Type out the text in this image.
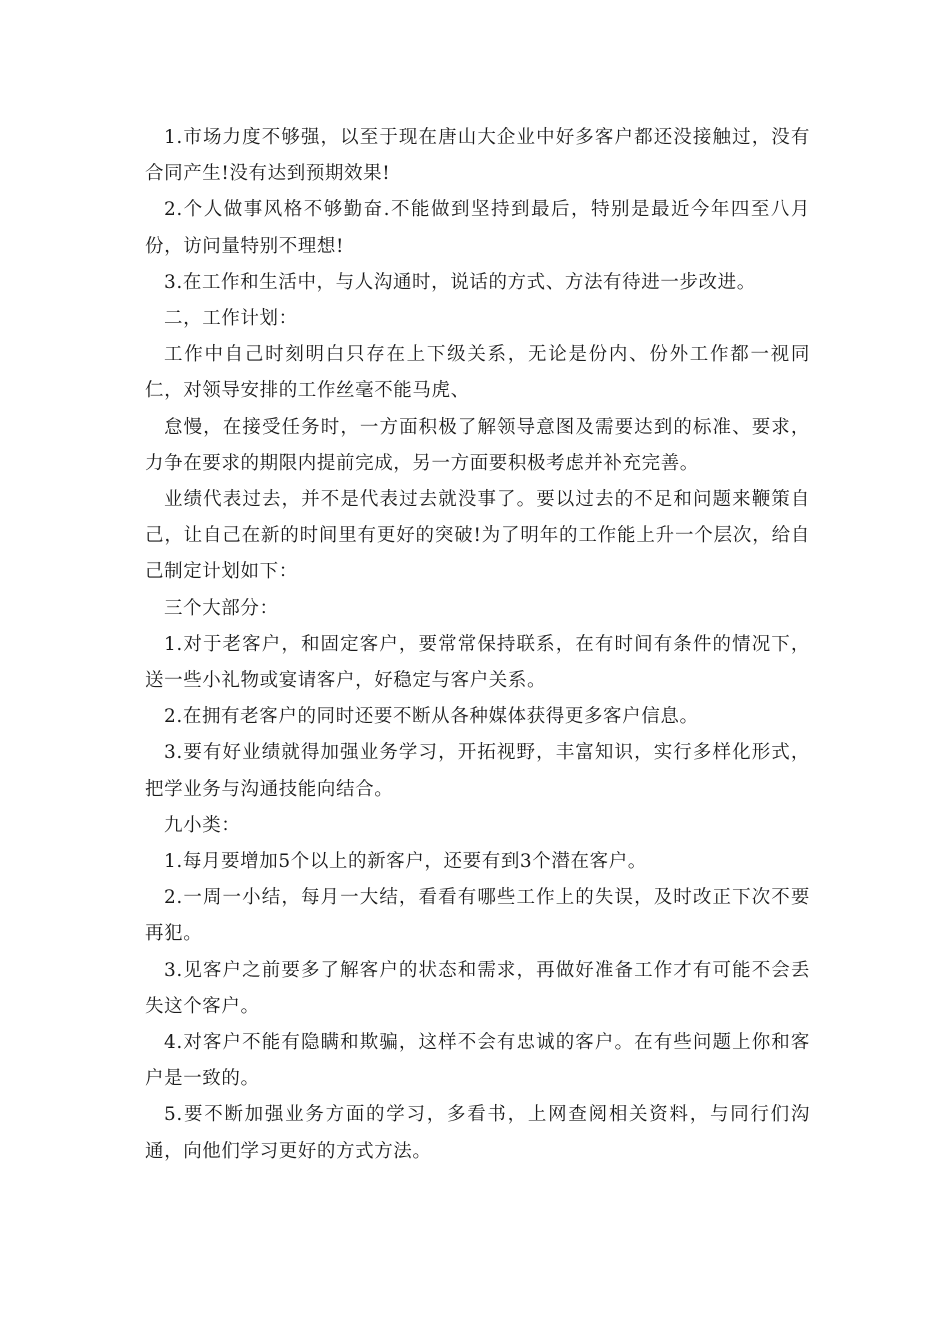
1.市场力度不够强，以至于现在唐山大企业中好多客户都还没接触过，没有合同产生!没有达到预期效果!

2.个人做事风格不够勤奋.不能做到坚持到最后，特别是最近今年四至八月份，访问量特别不理想!

3.在工作和生活中，与人沟通时，说话的方式、方法有待进一步改进。

二，工作计划：

工作中自己时刻明白只存在上下级关系，无论是份内、份外工作都一视同仁，对领导安排的工作丝毫不能马虎、

怠慢，在接受任务时，一方面积极了解领导意图及需要达到的标准、要求，力争在要求的期限内提前完成，另一方面要积极考虑并补充完善。

业绩代表过去，并不是代表过去就没事了。要以过去的不足和问题来鞭策自己，让自己在新的时间里有更好的突破!为了明年的工作能上升一个层次，给自己制定计划如下：

三个大部分：

1.对于老客户，和固定客户，要常常保持联系，在有时间有条件的情况下，送一些小礼物或宴请客户，好稳定与客户关系。

2.在拥有老客户的同时还要不断从各种媒体获得更多客户信息。

3.要有好业绩就得加强业务学习，开拓视野，丰富知识，实行多样化形式，把学业务与沟通技能向结合。

九小类：

1.每月要增加5个以上的新客户，还要有到3个潜在客户。

2.一周一小结，每月一大结，看看有哪些工作上的失误，及时改正下次不要再犯。

3.见客户之前要多了解客户的状态和需求，再做好准备工作才有可能不会丢失这个客户。

4.对客户不能有隐瞒和欺骗，这样不会有忠诚的客户。在有些问题上你和客户是一致的。

5.要不断加强业务方面的学习，多看书，上网查阅相关资料，与同行们沟通，向他们学习更好的方式方法。
